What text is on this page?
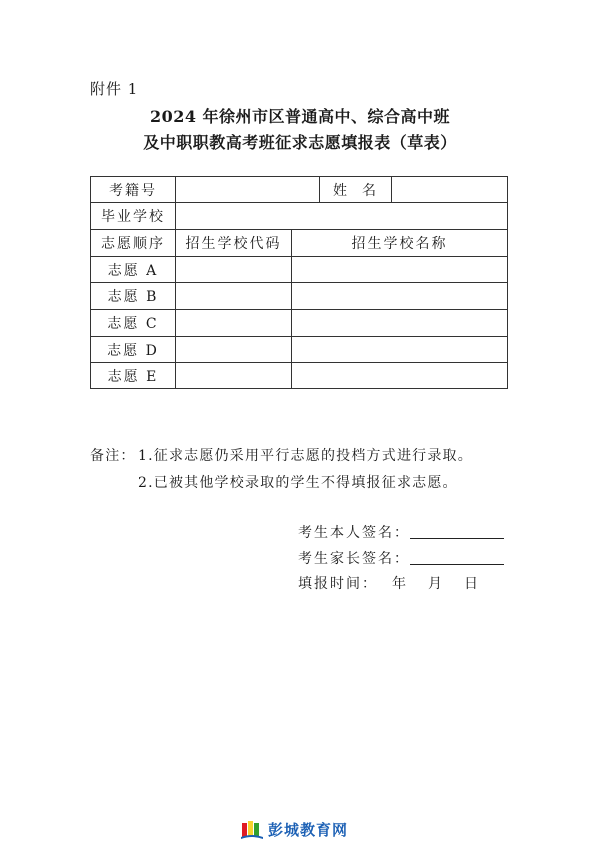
附件 1
2024 年徐州市区普通高中、综合高中班
及中职职教高考班征求志愿填报表（草表）
考籍号	姓  名
毕业学校
志愿顺序	招生学校代码	招生学校名称
志愿 A
志愿 B
志愿 C
志愿 D
志愿 E
备注： 1.征求志愿仍采用平行志愿的投档方式进行录取。
2.已被其他学校录取的学生不得填报征求志愿。
考生本人签名：
考生家长签名：
填报时间： 年 月 日
彭城教育网
